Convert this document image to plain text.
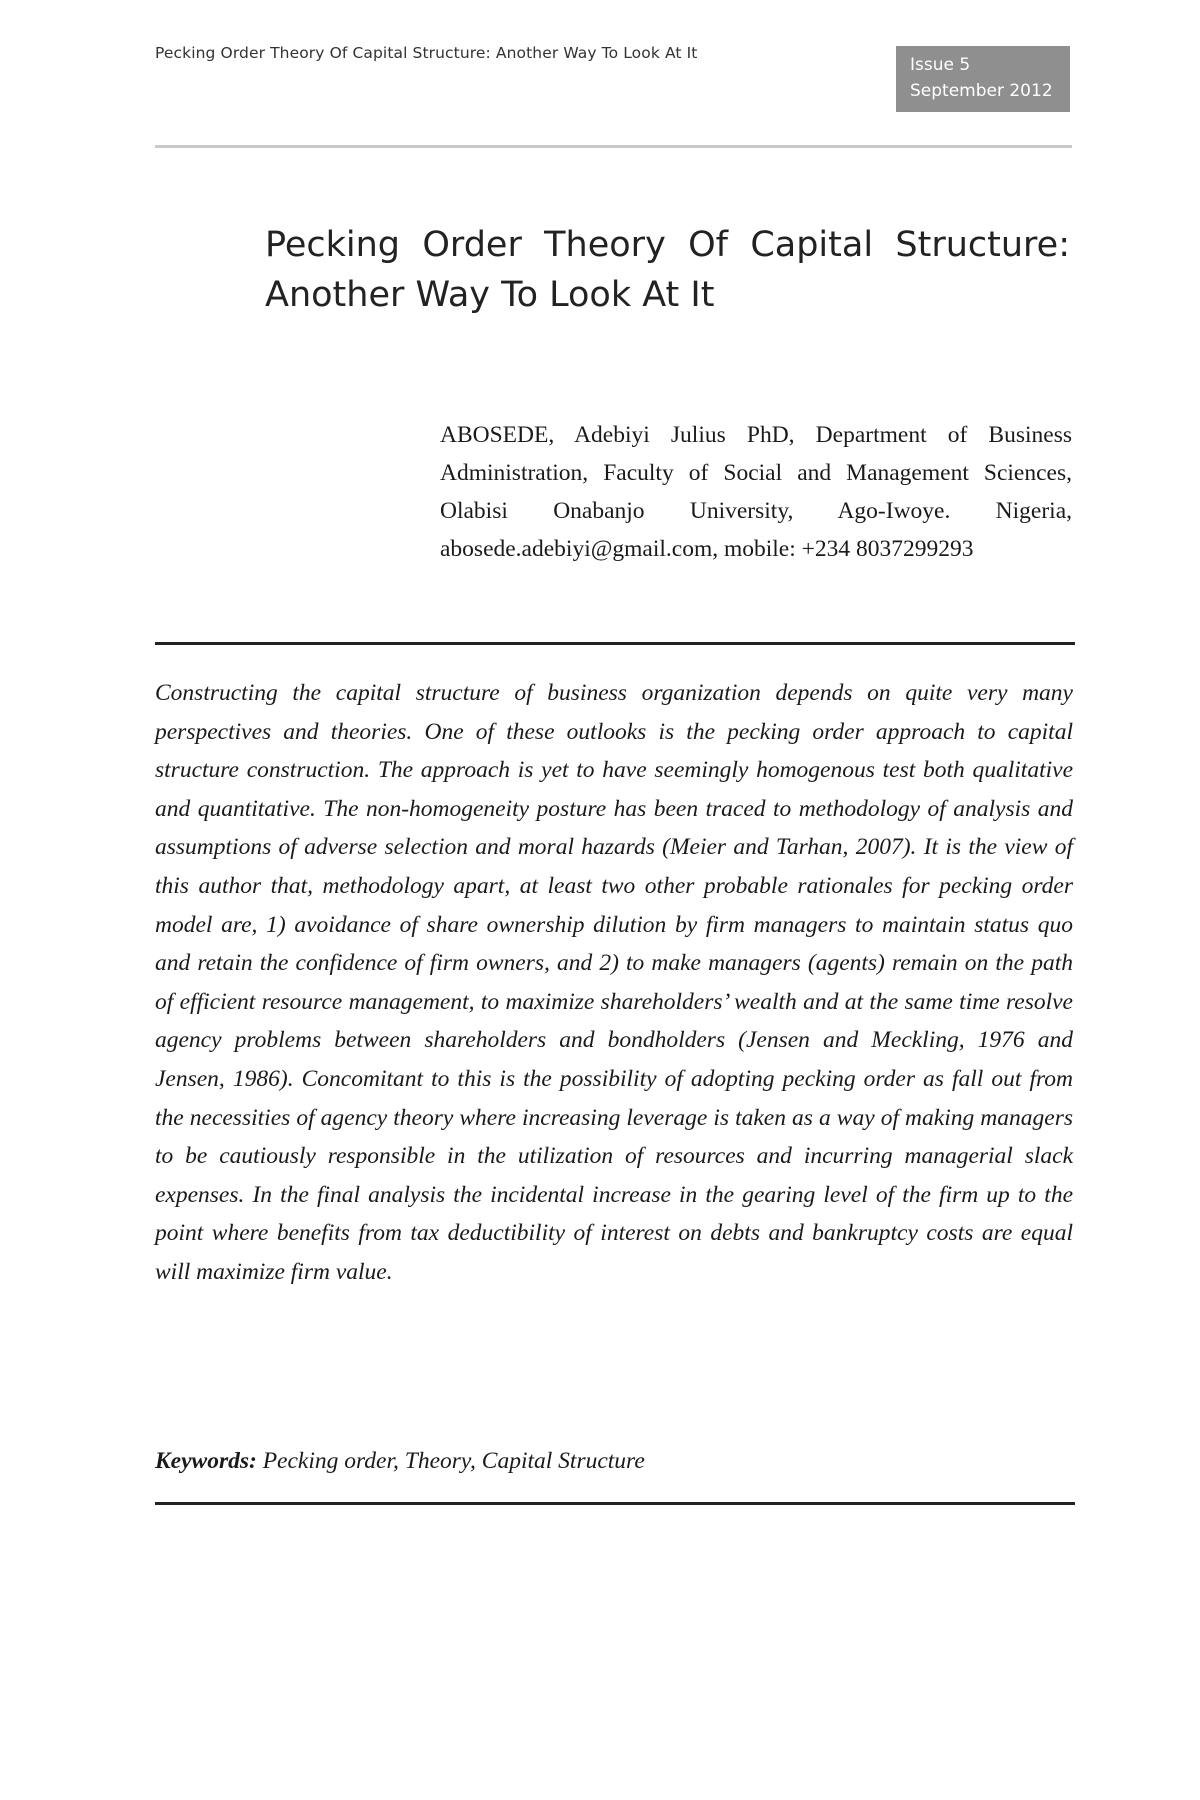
Pecking Order Theory Of Capital Structure: Another Way To Look At It
Issue 5
September 2012
Pecking Order Theory Of Capital Structure:
Another Way To Look At It

ABOSEDE, Adebiyi Julius PhD, Department of Business Administration, Faculty of Social and Management Sciences, Olabisi Onabanjo University, Ago-Iwoye. Nigeria, abosede.adebiyi@gmail.com, mobile: +234 8037299293

Constructing the capital structure of business organization depends on quite very many perspectives and theories. One of these outlooks is the pecking order approach to capital structure construction. The approach is yet to have seemingly homogenous test both qualitative and quantitative. The non-homogeneity posture has been traced to methodology of analysis and assumptions of adverse selection and moral hazards (Meier and Tarhan, 2007). It is the view of this author that, methodology apart, at least two other probable rationales for pecking order model are, 1) avoidance of share ownership dilution by firm managers to maintain status quo and retain the confidence of firm owners, and 2) to make managers (agents) remain on the path of efficient resource management, to maximize shareholders’ wealth and at the same time resolve agency problems between shareholders and bondholders (Jensen and Meckling, 1976 and Jensen, 1986). Concomitant to this is the possibility of adopting pecking order as fall out from the necessities of agency theory where increasing leverage is taken as a way of making managers to be cautiously responsible in the utilization of resources and incurring managerial slack expenses. In the final analysis the incidental increase in the gearing level of the firm up to the point where benefits from tax deductibility of interest on debts and bankruptcy costs are equal will maximize firm value.

Keywords: Pecking order, Theory, Capital Structure
